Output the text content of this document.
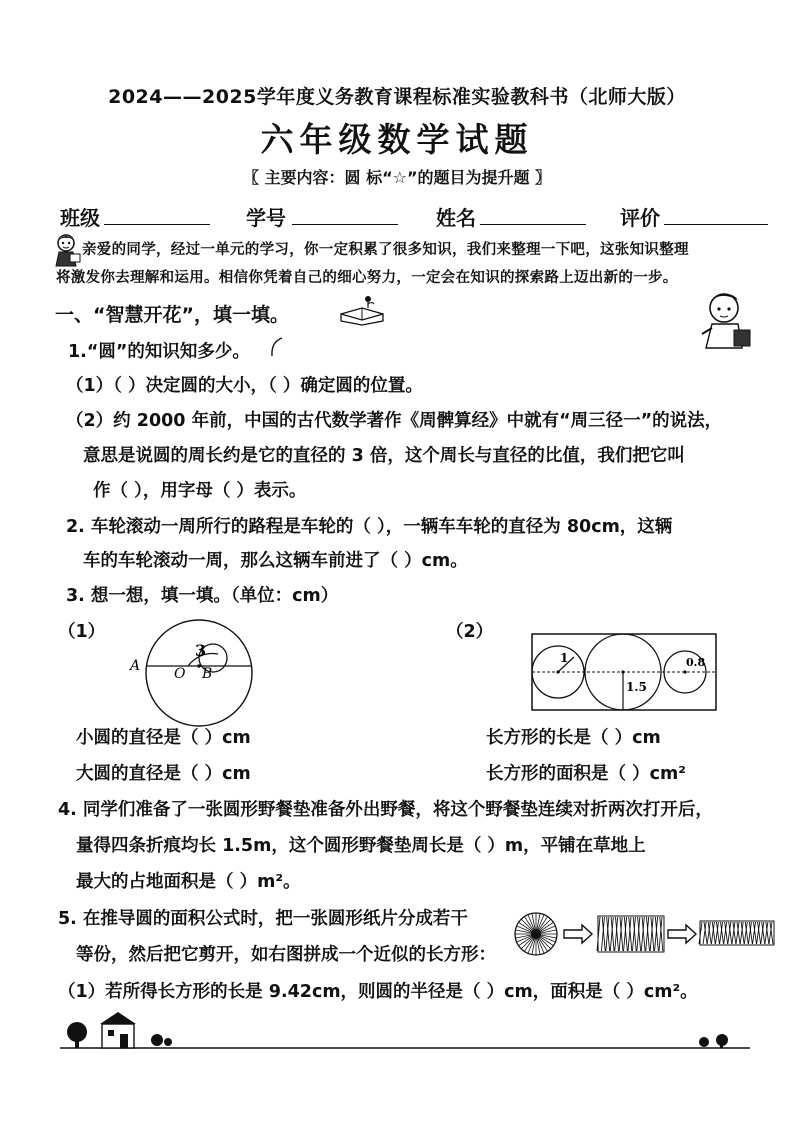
2024——2025学年度义务教育课程标准实验教科书（北师大版）
六年级数学试题
〖 主要内容：圆 标“☆”的题目为提升题 〗
班级	学号	姓名	评价
亲爱的同学，经过一单元的学习，你一定积累了很多知识，我们来整理一下吧，这张知识整理
将激发你去理解和运用。相信你凭着自己的细心努力，一定会在知识的探索路上迈出新的一步。
一、“智慧开花”，填一填。
1.“圆”的知识知多少。
（1）（ ）决定圆的大小，（ ）确定圆的位置。
（2）约 2000 年前，中国的古代数学著作《周髀算经》中就有“周三径一”的说法，
意思是说圆的周长约是它的直径的 3 倍，这个周长与直径的比值，我们把它叫
作（ ），用字母（ ）表示。
2. 车轮滚动一周所行的路程是车轮的（ ），一辆车车轮的直径为 80cm，这辆
车的车轮滚动一周，那么这辆车前进了（ ）cm。
3. 想一想，填一填。（单位：cm）
（1）	（2）
A O B
3	1
1.5
0.8
小圆的直径是（ ）cm	长方形的长是（ ）cm
大圆的直径是（ ）cm	长方形的面积是（ ）cm²
4. 同学们准备了一张圆形野餐垫准备外出野餐，将这个野餐垫连续对折两次打开后，
量得四条折痕均长 1.5m，这个圆形野餐垫周长是（ ）m，平铺在草地上
最大的占地面积是（ ）m²。
5. 在推导圆的面积公式时，把一张圆形纸片分成若干
等份，然后把它剪开，如右图拼成一个近似的长方形：
（1）若所得长方形的长是 9.42cm，则圆的半径是（ ）cm，面积是（ ）cm²。
